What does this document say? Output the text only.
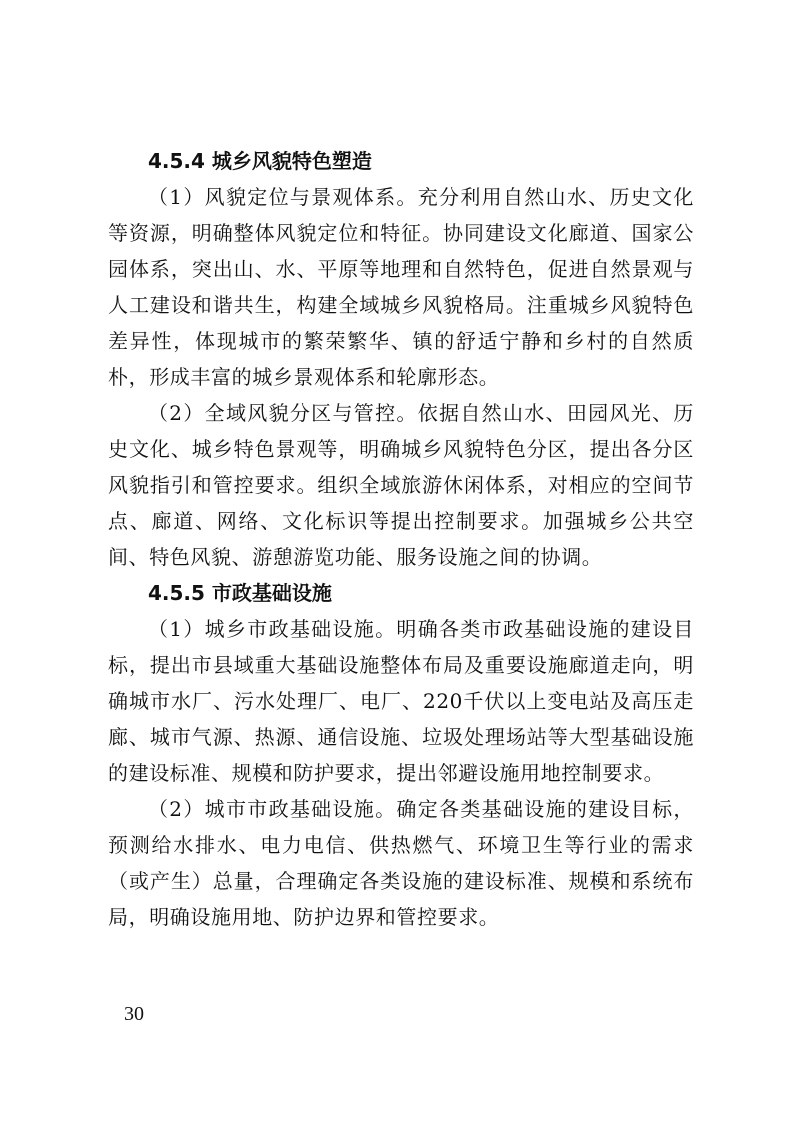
4.5.4 城乡风貌特色塑造

（1）风貌定位与景观体系。充分利用自然山水、历史文化等资源，明确整体风貌定位和特征。协同建设文化廊道、国家公园体系，突出山、水、平原等地理和自然特色，促进自然景观与人工建设和谐共生，构建全域城乡风貌格局。注重城乡风貌特色差异性，体现城市的繁荣繁华、镇的舒适宁静和乡村的自然质朴，形成丰富的城乡景观体系和轮廓形态。

（2）全域风貌分区与管控。依据自然山水、田园风光、历史文化、城乡特色景观等，明确城乡风貌特色分区，提出各分区风貌指引和管控要求。组织全域旅游休闲体系，对相应的空间节点、廊道、网络、文化标识等提出控制要求。加强城乡公共空间、特色风貌、游憩游览功能、服务设施之间的协调。

4.5.5 市政基础设施

（1）城乡市政基础设施。明确各类市政基础设施的建设目标，提出市县域重大基础设施整体布局及重要设施廊道走向，明确城市水厂、污水处理厂、电厂、220千伏以上变电站及高压走廊、城市气源、热源、通信设施、垃圾处理场站等大型基础设施的建设标准、规模和防护要求，提出邻避设施用地控制要求。

（2）城市市政基础设施。确定各类基础设施的建设目标，预测给水排水、电力电信、供热燃气、环境卫生等行业的需求（或产生）总量，合理确定各类设施的建设标准、规模和系统布局，明确设施用地、防护边界和管控要求。

30
